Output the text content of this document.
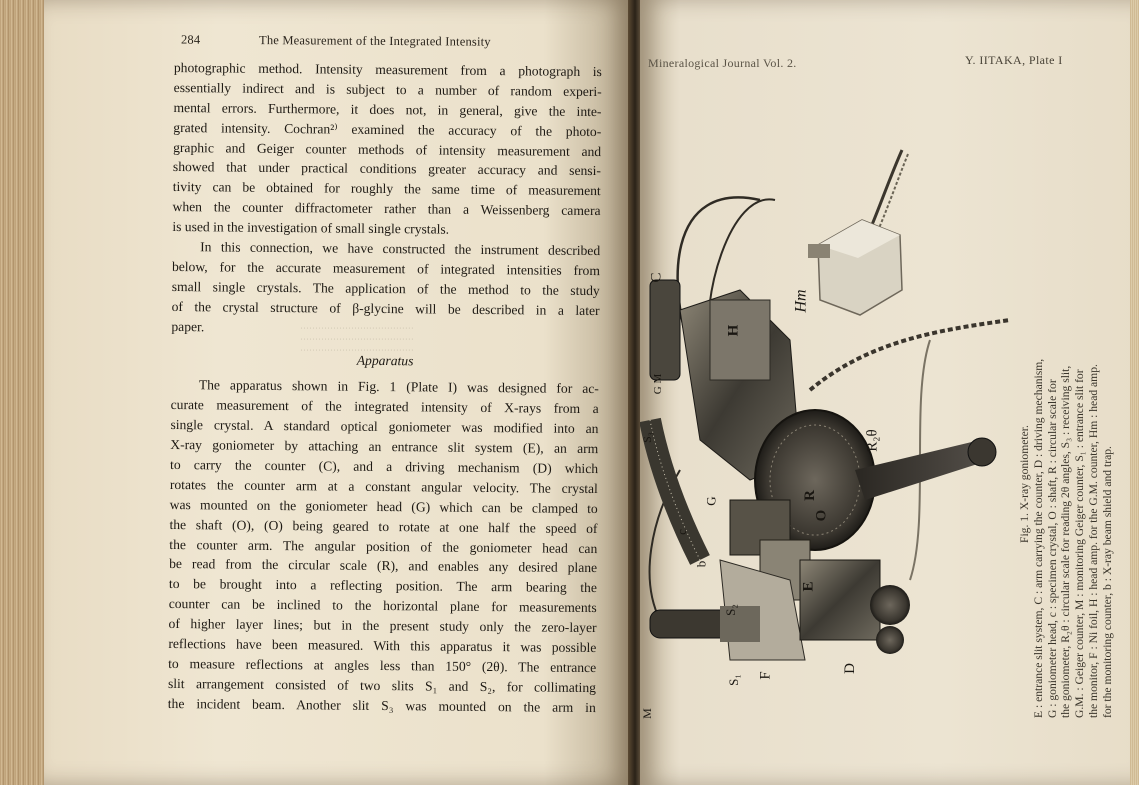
······································
······································
······································
284	The Measurement of the Integrated Intensity
photographic method. Intensity measurement from a photograph is
essentially indirect and is subject to a number of random experi-
mental errors. Furthermore, it does not, in general, give the inte-
grated intensity. Cochran²⁾ examined the accuracy of the photo-
graphic and Geiger counter methods of intensity measurement and
showed that under practical conditions greater accuracy and sensi-
tivity can be obtained for roughly the same time of measurement
when the counter diffractometer rather than a Weissenberg camera
is used in the investigation of small single crystals.
In this connection, we have constructed the instrument described
below, for the accurate measurement of integrated intensities from
small single crystals. The application of the method to the study
of the crystal structure of β-glycine will be described in a later
paper.
Apparatus
The apparatus shown in Fig. 1 (Plate I) was designed for ac-
curate measurement of the integrated intensity of X-rays from a
single crystal. A standard optical goniometer was modified into an
X-ray goniometer by attaching an entrance slit system (E), an arm
to carry the counter (C), and a driving mechanism (D) which
rotates the counter arm at a constant angular velocity. The crystal
was mounted on the goniometer head (G) which can be clamped to
the shaft (O), (O) being geared to rotate at one half the speed of
the counter arm. The angular position of the goniometer head can
be read from the circular scale (R), and enables any desired plane
to be brought into a reflecting position. The arm bearing the
counter can be inclined to the horizontal plane for measurements
of higher layer lines; but in the present study only the zero-layer
reflections have been measured. With this apparatus it was possible
to measure reflections at angles less than 150° (2θ). The entrance
slit arrangement consisted of two slits S₁ and S₂, for collimating
the incident beam. Another slit S₃ was mounted on the arm in
Mineralogical Journal Vol. 2.	Y. IITAKA, Plate I
C
G M
H
Hm
S₃	R₂θ
R
O
G
c
b
S₂
E
S₁ F
D
M
Fig. 1. X-ray goniometer. E : entrance slit system, C : arm carrying the counter, D : driving mechanism, G : goniometer head, c : specimen crystal, O : shaft, R : circular scale for the goniometer, R₂θ : circular scale for reading 2θ angles, S₃ : receiving slit, G.M. : Geiger counter, M : monitoring Geiger counter, S₁ : entrance slit for the monitor, F : Ni foil, H : head amp. for the G.M. counter, Hm : head amp. for the monitoring counter, b : X-ray beam shield and trap.
